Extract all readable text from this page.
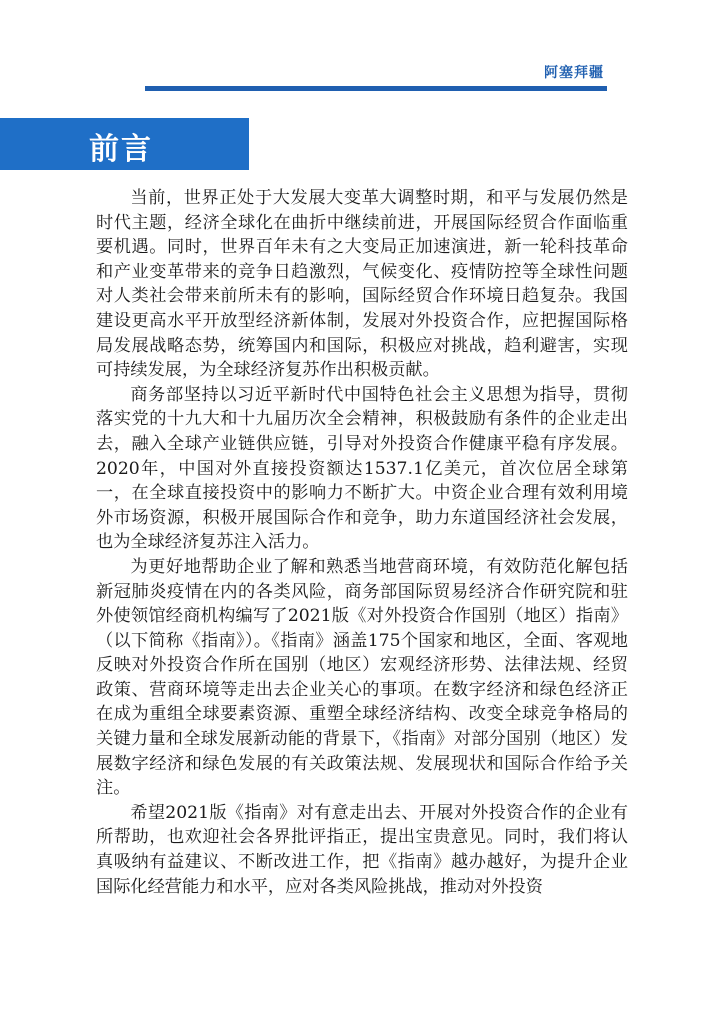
阿塞拜疆
前言

当前，世界正处于大发展大变革大调整时期，和平与发展仍然是时代主题，经济全球化在曲折中继续前进，开展国际经贸合作面临重要机遇。同时，世界百年未有之大变局正加速演进，新一轮科技革命和产业变革带来的竞争日趋激烈，气候变化、疫情防控等全球性问题对人类社会带来前所未有的影响，国际经贸合作环境日趋复杂。我国建设更高水平开放型经济新体制，发展对外投资合作，应把握国际格局发展战略态势，统筹国内和国际，积极应对挑战，趋利避害，实现可持续发展，为全球经济复苏作出积极贡献。

商务部坚持以习近平新时代中国特色社会主义思想为指导，贯彻落实党的十九大和十九届历次全会精神，积极鼓励有条件的企业走出去，融入全球产业链供应链，引导对外投资合作健康平稳有序发展。2020年，中国对外直接投资额达1537.1亿美元，首次位居全球第一，在全球直接投资中的影响力不断扩大。中资企业合理有效利用境外市场资源，积极开展国际合作和竞争，助力东道国经济社会发展，也为全球经济复苏注入活力。

为更好地帮助企业了解和熟悉当地营商环境，有效防范化解包括新冠肺炎疫情在内的各类风险，商务部国际贸易经济合作研究院和驻外使领馆经商机构编写了2021版《对外投资合作国别（地区）指南》（以下简称《指南》）。《指南》涵盖175个国家和地区，全面、客观地反映对外投资合作所在国别（地区）宏观经济形势、法律法规、经贸政策、营商环境等走出去企业关心的事项。在数字经济和绿色经济正在成为重组全球要素资源、重塑全球经济结构、改变全球竞争格局的关键力量和全球发展新动能的背景下，《指南》对部分国别（地区）发展数字经济和绿色发展的有关政策法规、发展现状和国际合作给予关注。

希望2021版《指南》对有意走出去、开展对外投资合作的企业有所帮助，也欢迎社会各界批评指正，提出宝贵意见。同时，我们将认真吸纳有益建议、不断改进工作，把《指南》越办越好，为提升企业国际化经营能力和水平，应对各类风险挑战，推动对外投资
